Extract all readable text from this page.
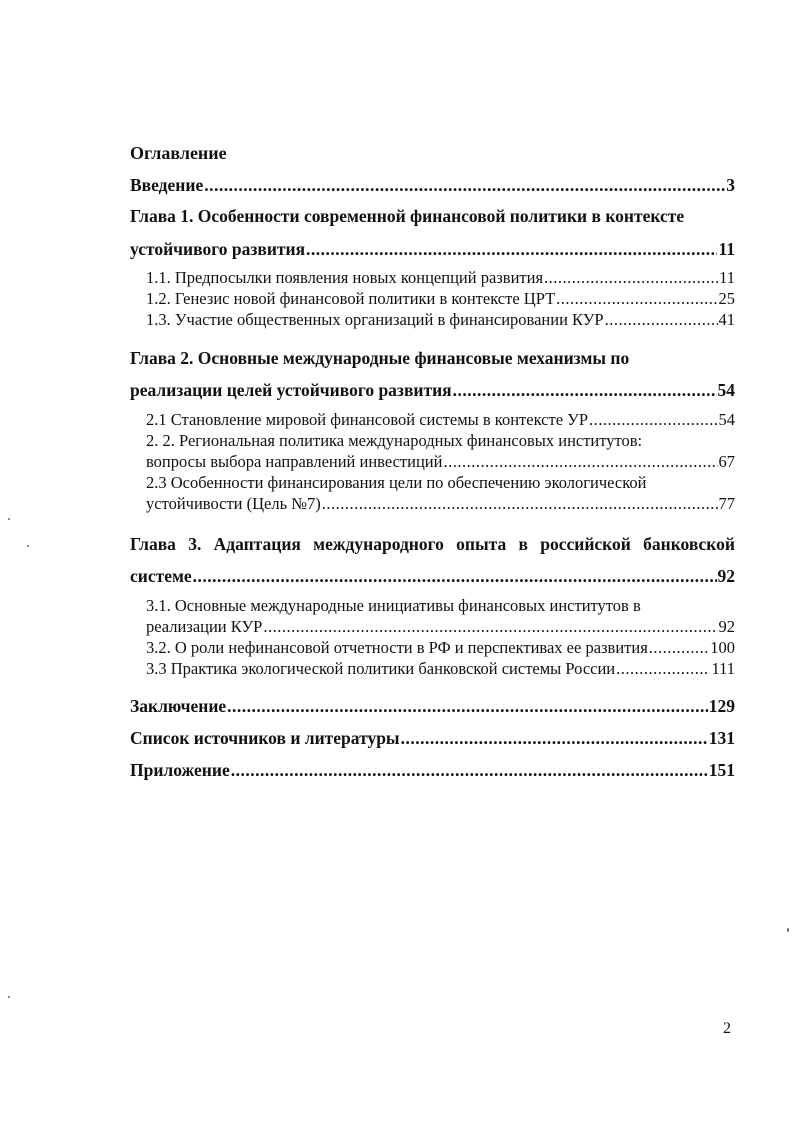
Оглавление
Введение .....	3
Глава 1. Особенности современной финансовой политики в контексте
устойчивого развития .....	11
1.1. Предпосылки появления новых концепций развития .....	11
1.2. Генезис новой финансовой политики в контексте ЦРТ .....	25
1.3. Участие общественных организаций в финансировании КУР .....	41
Глава 2. Основные международные финансовые механизмы по
реализации целей устойчивого развития .....	54
2.1 Становление мировой финансовой системы в контексте УР .....	54
2. 2. Региональная политика международных финансовых институтов:
вопросы выбора направлений инвестиций .....	67
2.3 Особенности финансирования цели по обеспечению экологической
устойчивости (Цель №7) .....	77
Глава 3. Адаптация международного опыта в российской банковской
системе .....	92
3.1. Основные международные инициативы финансовых институтов в
реализации КУР .....	92
3.2. О роли нефинансовой отчетности в РФ и перспективах ее развития .....	100
3.3 Практика экологической политики банковской системы России .....	111
Заключение .....	129
Список источников и литературы .....	131
Приложение .....	151
2
